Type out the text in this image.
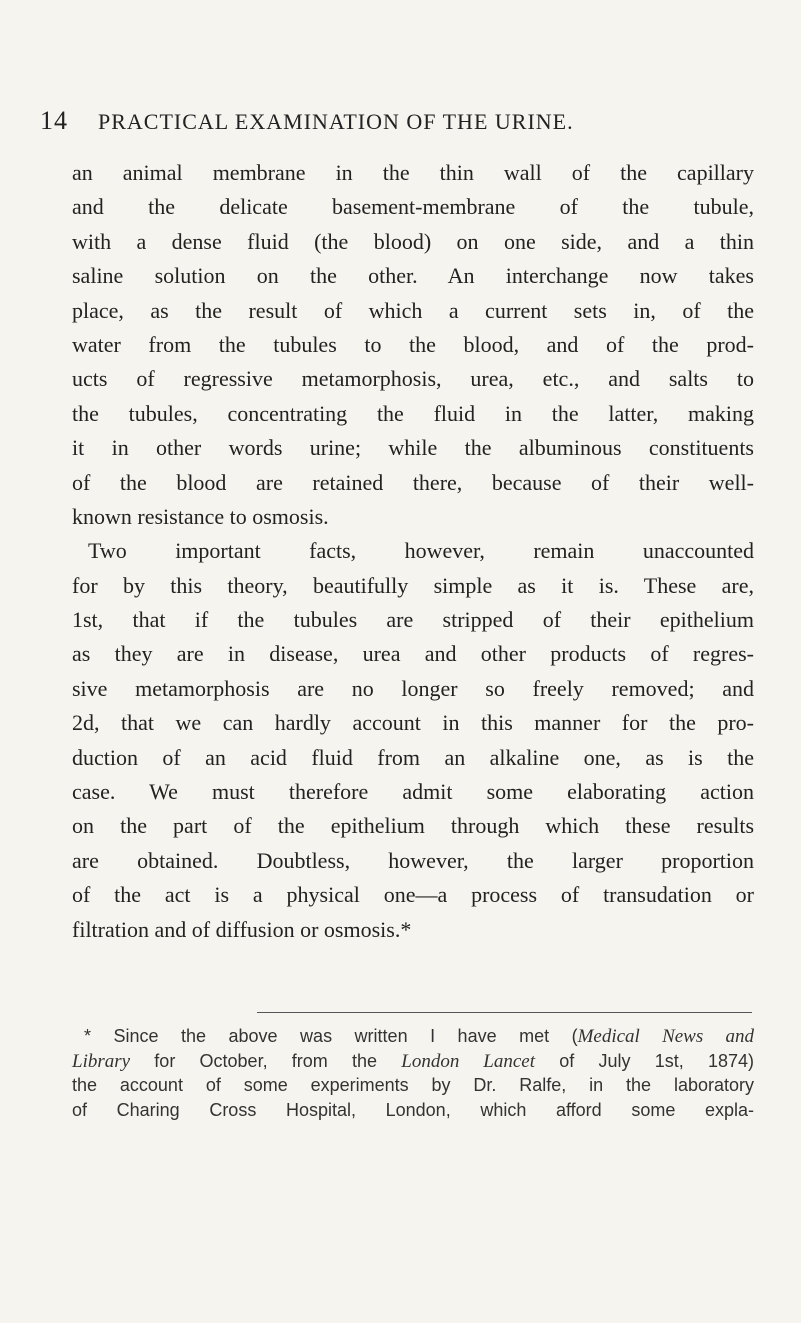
14 PRACTICAL EXAMINATION OF THE URINE.
an animal membrane in the thin wall of the capillary
and the delicate basement-membrane of the tubule,
with a dense fluid (the blood) on one side, and a thin
saline solution on the other. An interchange now takes
place, as the result of which a current sets in, of the
water from the tubules to the blood, and of the prod-
ucts of regressive metamorphosis, urea, etc., and salts to
the tubules, concentrating the fluid in the latter, making
it in other words urine; while the albuminous constituents
of the blood are retained there, because of their well-
known resistance to osmosis.
Two important facts, however, remain unaccounted
for by this theory, beautifully simple as it is. These are,
1st, that if the tubules are stripped of their epithelium
as they are in disease, urea and other products of regres-
sive metamorphosis are no longer so freely removed; and
2d, that we can hardly account in this manner for the pro-
duction of an acid fluid from an alkaline one, as is the
case. We must therefore admit some elaborating action
on the part of the epithelium through which these results
are obtained. Doubtless, however, the larger proportion
of the act is a physical one—a process of transudation or
filtration and of diffusion or osmosis.*
* Since the above was written I have met (Medical News and
Library for October, from the London Lancet of July 1st, 1874)
the account of some experiments by Dr. Ralfe, in the laboratory
of Charing Cross Hospital, London, which afford some expla-
